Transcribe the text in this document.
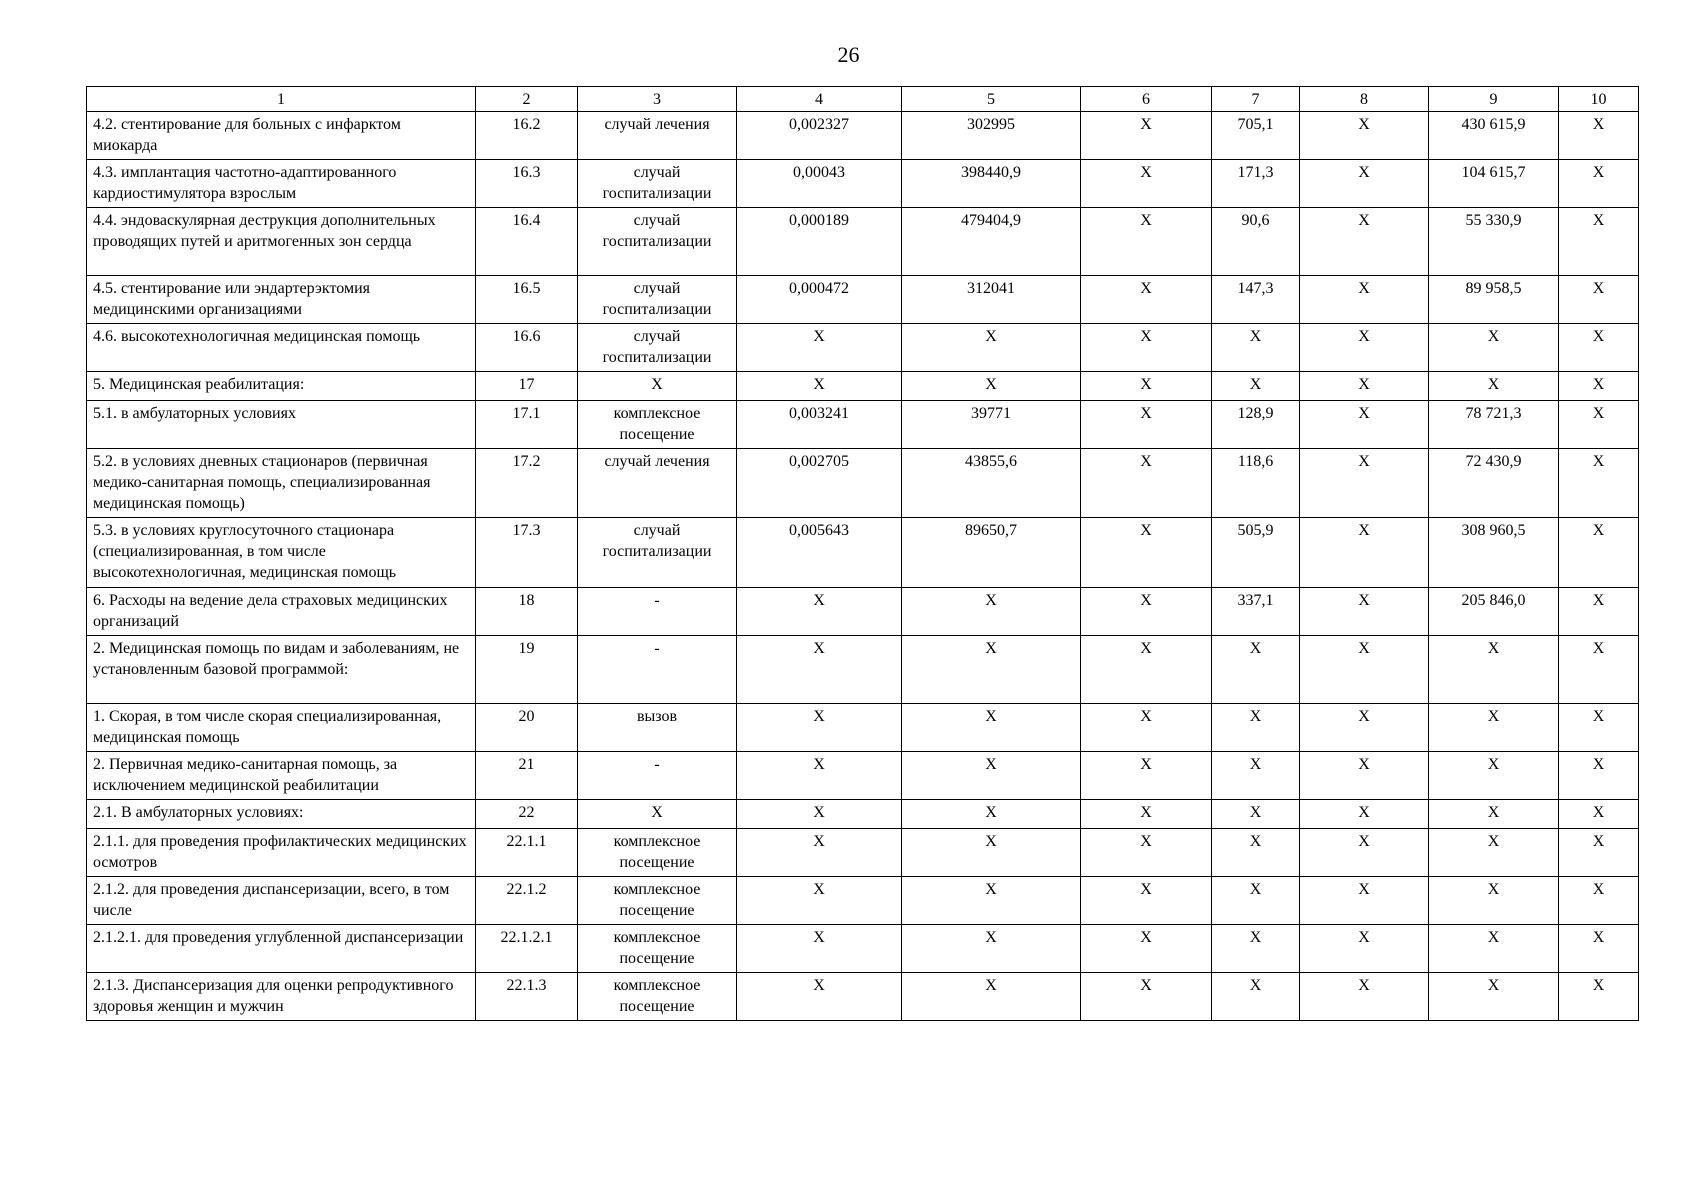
26
1	2	3	4	5	6	7	8	9	10
4.2. стентирование для больных с инфарктом миокарда	16.2	случай лечения	0,002327	302995	X	705,1	X	430 615,9	X
4.3. имплантация частотно-адаптированного кардиостимулятора взрослым	16.3	случай госпитализации	0,00043	398440,9	X	171,3	X	104 615,7	X
4.4. эндоваскулярная деструкция дополнительных проводящих путей и аритмогенных зон сердца	16.4	случай госпитализации	0,000189	479404,9	X	90,6	X	55 330,9	X
4.5. стентирование или эндартерэктомия медицинскими организациями	16.5	случай госпитализации	0,000472	312041	X	147,3	X	89 958,5	X
4.6. высокотехнологичная медицинская помощь	16.6	случай госпитализации	X	X	X	X	X	X	X
5. Медицинская реабилитация:	17	X	X	X	X	X	X	X	X
5.1. в амбулаторных условиях	17.1	комплексное посещение	0,003241	39771	X	128,9	X	78 721,3	X
5.2. в условиях дневных стационаров (первичная медико-санитарная помощь, специализированная медицинская помощь)	17.2	случай лечения	0,002705	43855,6	X	118,6	X	72 430,9	X
5.3. в условиях круглосуточного стационара (специализированная, в том числе высокотехнологичная, медицинская помощь	17.3	случай госпитализации	0,005643	89650,7	X	505,9	X	308 960,5	X
6. Расходы на ведение дела страховых медицинских организаций	18	-	X	X	X	337,1	X	205 846,0	X
2. Медицинская помощь по видам и заболеваниям, не установленным базовой программой:	19	-	X	X	X	X	X	X	X
1. Скорая, в том числе скорая специализированная, медицинская помощь	20	вызов	X	X	X	X	X	X	X
2. Первичная медико-санитарная помощь, за исключением медицинской реабилитации	21	-	X	X	X	X	X	X	X
2.1. В амбулаторных условиях:	22	X	X	X	X	X	X	X	X
2.1.1. для проведения профилактических медицинских осмотров	22.1.1	комплексное посещение	X	X	X	X	X	X	X
2.1.2. для проведения диспансеризации, всего, в том числе	22.1.2	комплексное посещение	X	X	X	X	X	X	X
2.1.2.1. для проведения углубленной диспансеризации	22.1.2.1	комплексное посещение	X	X	X	X	X	X	X
2.1.3. Диспансеризация для оценки репродуктивного здоровья женщин и мужчин	22.1.3	комплексное посещение	X	X	X	X	X	X	X
